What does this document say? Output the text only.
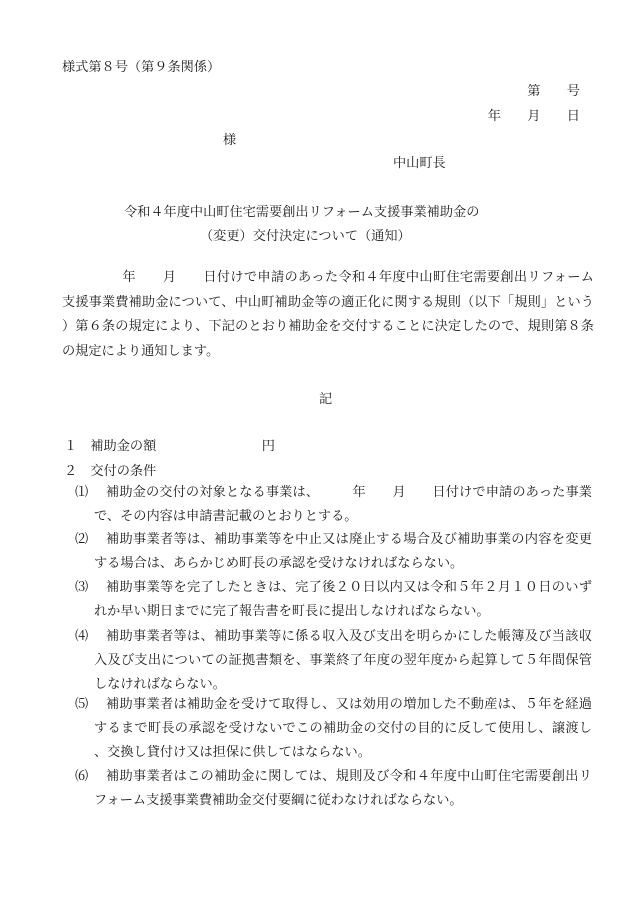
様式第８号（第９条関係）
第　　号
年　　月　　日
様
中山町長
令和４年度中山町住宅需要創出リフォーム支援事業補助金の
（変更）交付決定について（通知）
年　　月　　日付けで申請のあった令和４年度中山町住宅需要創出リフォーム支援事業費補助金について、中山町補助金等の適正化に関する規則（以下「規則」という）第６条の規定により、下記のとおり補助金を交付することに決定したので、規則第８条の規定により通知します。
記
１　補助金の額　　　　　　　　円
２　交付の条件
⑴	補助金の交付の対象となる事業は、　　　年　　月　　日付けで申請のあった事業で、その内容は申請書記載のとおりとする。
⑵	補助事業者等は、補助事業等を中止又は廃止する場合及び補助事業の内容を変更する場合は、あらかじめ町長の承認を受けなければならない。
⑶	補助事業等を完了したときは、完了後２０日以内又は令和５年２月１０日のいずれか早い期日までに完了報告書を町長に提出しなければならない。
⑷	補助事業者等は、補助事業等に係る収入及び支出を明らかにした帳簿及び当該収入及び支出についての証拠書類を、事業終了年度の翌年度から起算して５年間保管しなければならない。
⑸	補助事業者は補助金を受けて取得し、又は効用の増加した不動産は、５年を経過するまで町長の承認を受けないでこの補助金の交付の目的に反して使用し、譲渡し、交換し貸付け又は担保に供してはならない。
⑹	補助事業者はこの補助金に関しては、規則及び令和４年度中山町住宅需要創出リフォーム支援事業費補助金交付要綱に従わなければならない。
